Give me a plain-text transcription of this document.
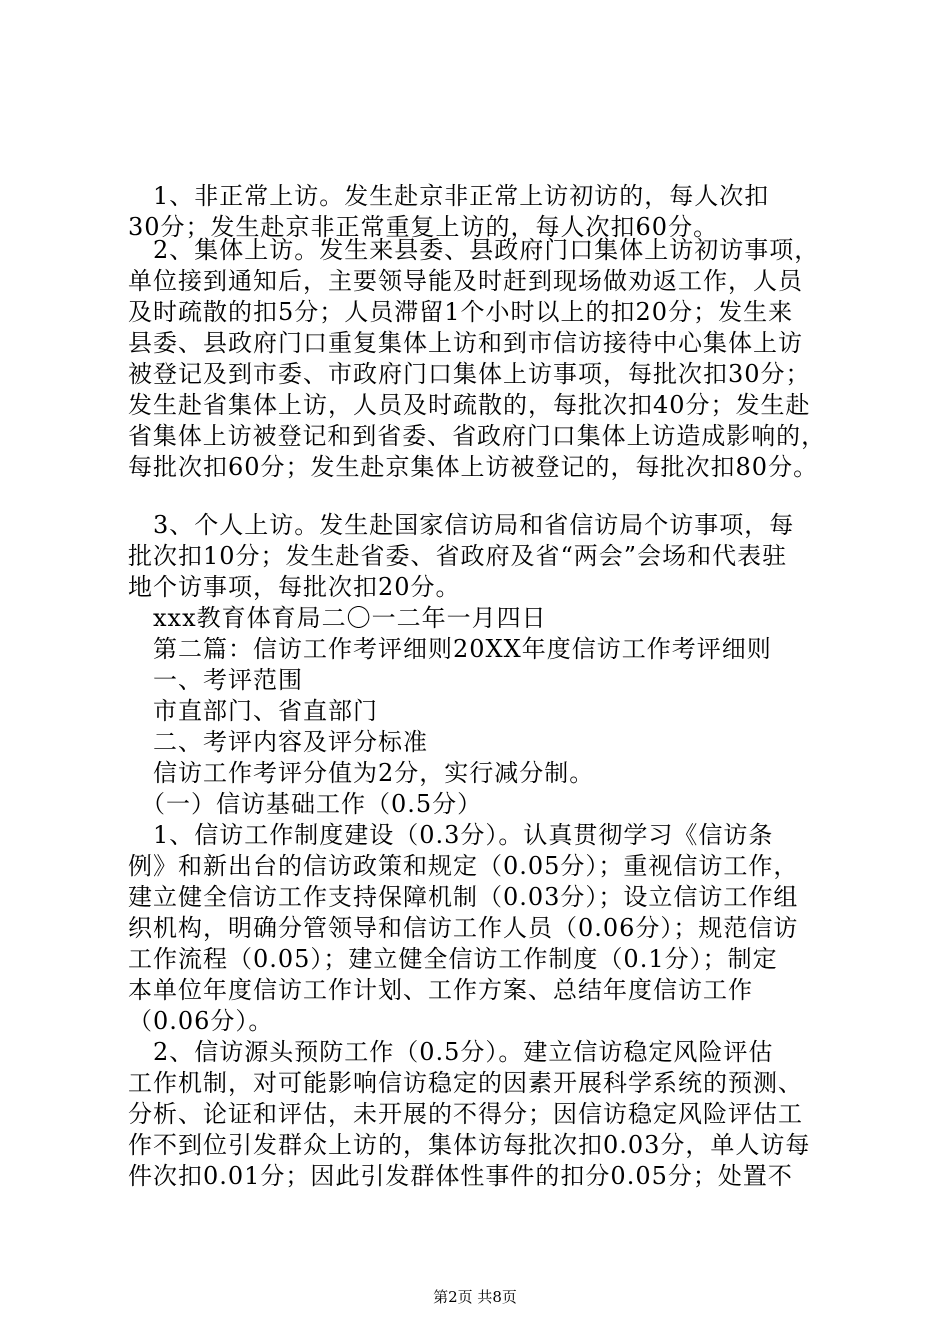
　1、非正常上访。发生赴京非正常上访初访的，每人次扣
30分；发生赴京非正常重复上访的，每人次扣60分。
　2、集体上访。发生来县委、县政府门口集体上访初访事项，
单位接到通知后，主要领导能及时赶到现场做劝返工作，人员
及时疏散的扣5分；人员滞留1个小时以上的扣20分；发生来
县委、县政府门口重复集体上访和到市信访接待中心集体上访
被登记及到市委、市政府门口集体上访事项，每批次扣30分；
发生赴省集体上访，人员及时疏散的，每批次扣40分；发生赴
省集体上访被登记和到省委、省政府门口集体上访造成影响的，
每批次扣60分；发生赴京集体上访被登记的，每批次扣80分。
　3、个人上访。发生赴国家信访局和省信访局个访事项，每
批次扣10分；发生赴省委、省政府及省“两会”会场和代表驻
地个访事项，每批次扣20分。
　xxx教育体育局二〇一二年一月四日
　第二篇：信访工作考评细则20XX年度信访工作考评细则
　一、考评范围
　市直部门、省直部门
　二、考评内容及评分标准
　信访工作考评分值为2分，实行减分制。
　（一）信访基础工作（0.5分）
　1、信访工作制度建设（0.3分）。认真贯彻学习《信访条
例》和新出台的信访政策和规定（0.05分）；重视信访工作，
建立健全信访工作支持保障机制（0.03分）；设立信访工作组
织机构，明确分管领导和信访工作人员（0.06分）；规范信访
工作流程（0.05）；建立健全信访工作制度（0.1分）；制定
本单位年度信访工作计划、工作方案、总结年度信访工作
（0.06分）。
　2、信访源头预防工作（0.5分）。建立信访稳定风险评估
工作机制，对可能影响信访稳定的因素开展科学系统的预测、
分析、论证和评估，未开展的不得分；因信访稳定风险评估工
作不到位引发群众上访的，集体访每批次扣0.03分，单人访每
件次扣0.01分；因此引发群体性事件的扣分0.05分；处置不
第2页 共8页
